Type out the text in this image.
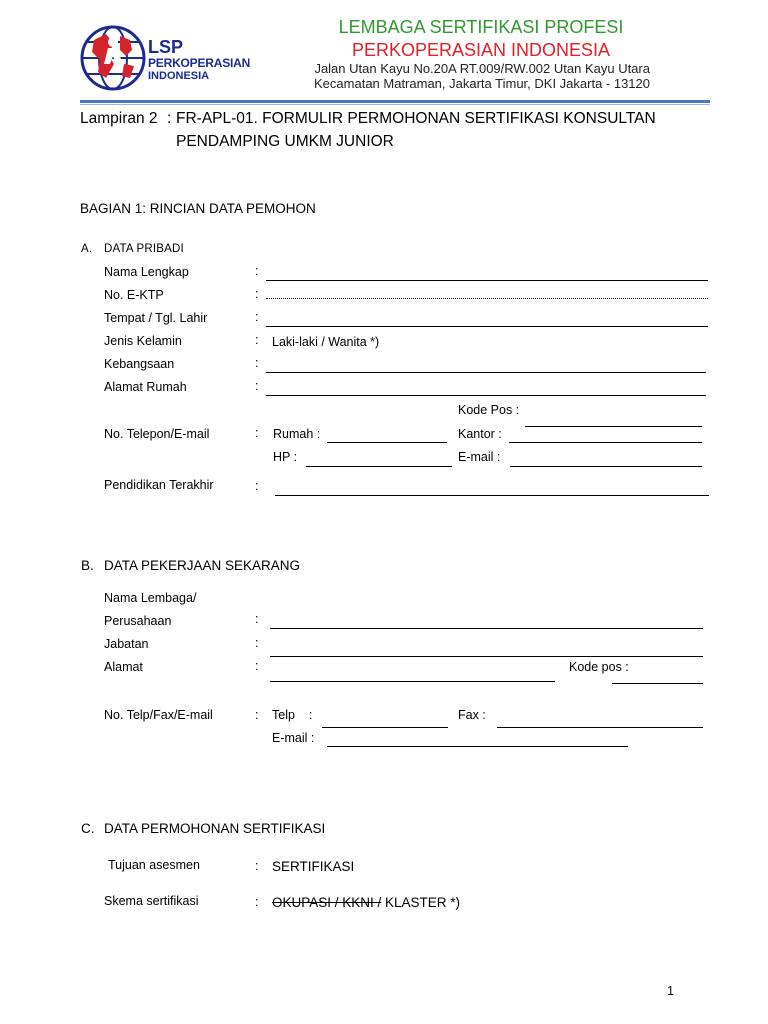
LSP
PERKOPERASIAN
INDONESIA
LEMBAGA SERTIFIKASI PROFESI
PERKOPERASIAN INDONESIA
Jalan Utan Kayu No.20A RT.009/RW.002 Utan Kayu Utara
Kecamatan Matraman, Jakarta Timur, DKI Jakarta - 13120
Lampiran 2 : FR-APL-01. FORMULIR PERMOHONAN SERTIFIKASI KONSULTAN
PENDAMPING UMKM JUNIOR
BAGIAN 1: RINCIAN DATA PEMOHON
A. DATA PRIBADI
Nama Lengkap	:
No. E-KTP	:
Tempat / Tgl. Lahir	:
Jenis Kelamin	: Laki-laki / Wanita *)
Kebangsaan	:
Alamat Rumah	:
Kode Pos :
No. Telepon/E-mail	: Rumah :	Kantor :
HP :	E-mail :
Pendidikan Terakhir	:
B. DATA PEKERJAAN SEKARANG
Nama Lembaga/
Perusahaan	:
Jabatan	:
Alamat	:	Kode pos :
No. Telp/Fax/E-mail	: Telp    :	Fax :
E-mail :
C. DATA PERMOHONAN SERTIFIKASI
Tujuan asesmen	: SERTIFIKASI
Skema sertifikasi	: OKUPASI / KKNI / KLASTER *)
1
